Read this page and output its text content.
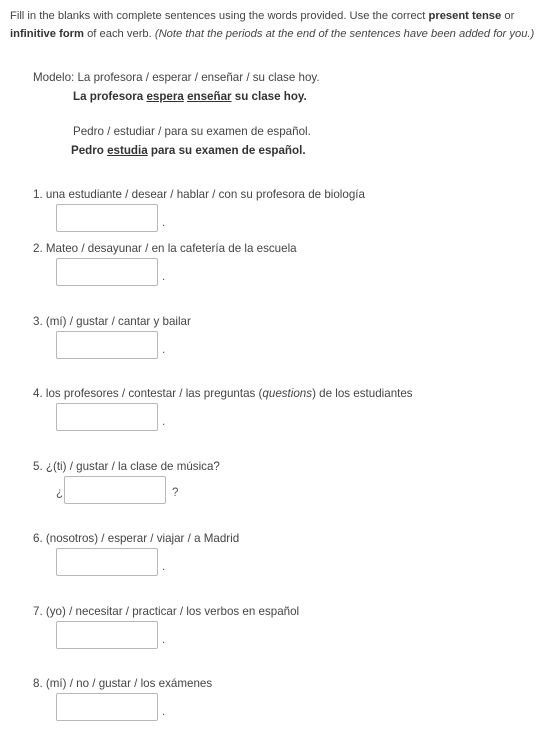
Fill in the blanks with complete sentences using the words provided. Use the correct present tense or infinitive form of each verb. (Note that the periods at the end of the sentences have been added for you.)
Modelo: La profesora / esperar / enseñar / su clase hoy.
La profesora espera enseñar su clase hoy.
Pedro / estudiar / para su examen de español.
Pedro estudia para su examen de español.
1. una estudiante / desear / hablar / con su profesora de biología
.
2. Mateo / desayunar / en la cafetería de la escuela
.
3. (mí) / gustar / cantar y bailar
.
4. los profesores / contestar / las preguntas (questions) de los estudiantes
.
5. ¿(ti) / gustar / la clase de música?
¿	?
6. (nosotros) / esperar / viajar / a Madrid
.
7. (yo) / necesitar / practicar / los verbos en español
.
8. (mí) / no / gustar / los exámenes
.
